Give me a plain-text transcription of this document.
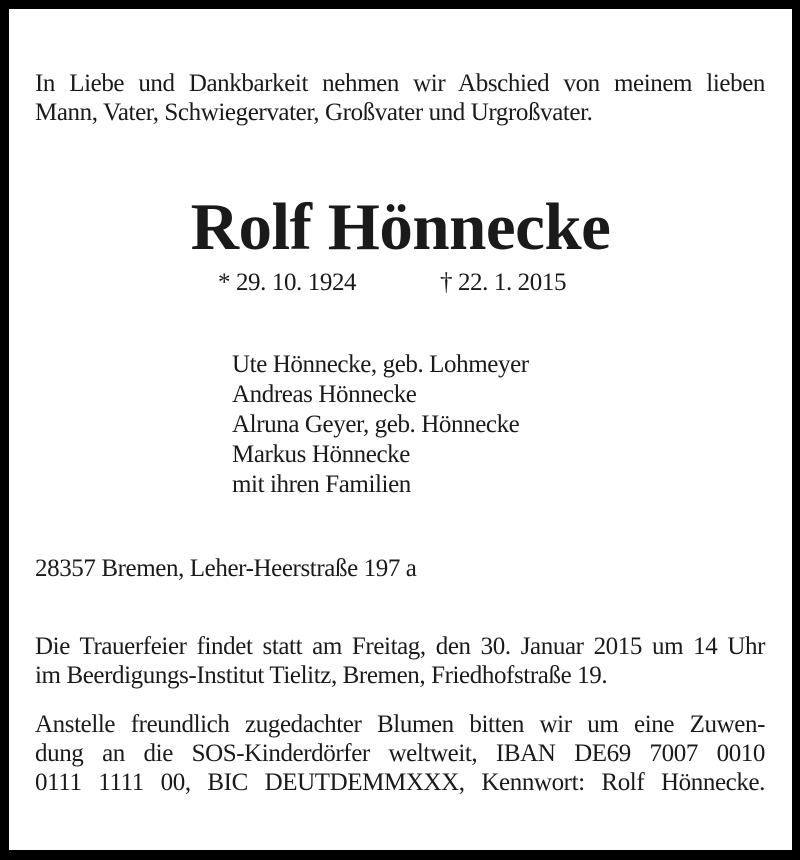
In Liebe und Dankbarkeit nehmen wir Abschied von meinem lieben
Mann, Vater, Schwiegervater, Großvater und Urgroßvater.
Rolf Hönnecke
* 29. 10. 1924	† 22. 1. 2015
Ute Hönnecke, geb. Lohmeyer
Andreas Hönnecke
Alruna Geyer, geb. Hönnecke
Markus Hönnecke
mit ihren Familien
28357 Bremen, Leher-Heerstraße 197 a
Die Trauerfeier findet statt am Freitag, den 30. Januar 2015 um 14 Uhr
im Beerdigungs-Institut Tielitz, Bremen, Friedhofstraße 19.
Anstelle freundlich zugedachter Blumen bitten wir um eine Zuwen-
dung an die SOS-Kinderdörfer weltweit, IBAN DE69 7007 0010
0111 1111 00, BIC DEUTDEMMXXX, Kennwort: Rolf Hönnecke.
